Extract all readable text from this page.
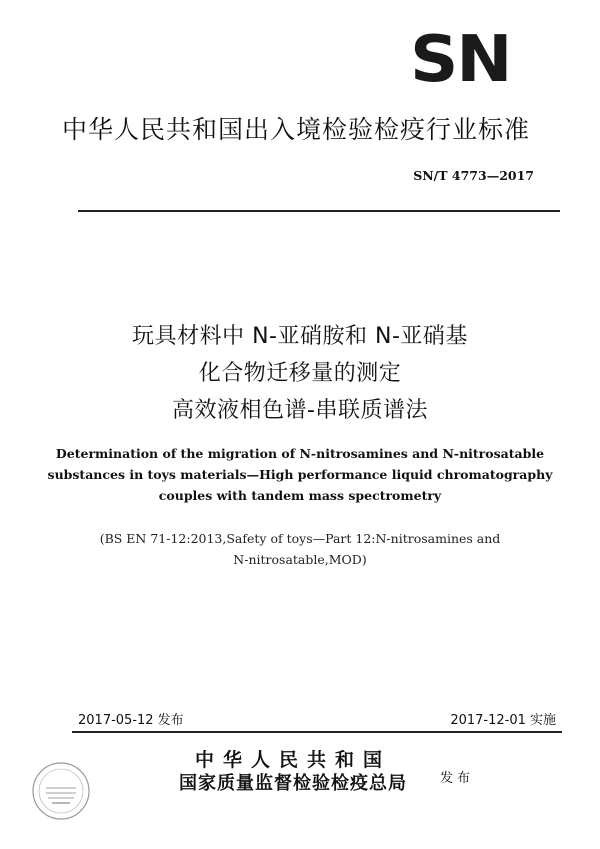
SN
中华人民共和国出入境检验检疫行业标准
SN/T 4773—2017
玩具材料中 N-亚硝胺和 N-亚硝基
化合物迁移量的测定
高效液相色谱-串联质谱法
Determination of the migration of N-nitrosamines and N-nitrosatable
substances in toys materials—High performance liquid chromatography
couples with tandem mass spectrometry
(BS EN 71-12:2013,Safety of toys—Part 12:N-nitrosamines and
N-nitrosatable,MOD)
2017-05-12 发布	2017-12-01 实施
中华人民共和国
国家质量监督检验检疫总局	发布
